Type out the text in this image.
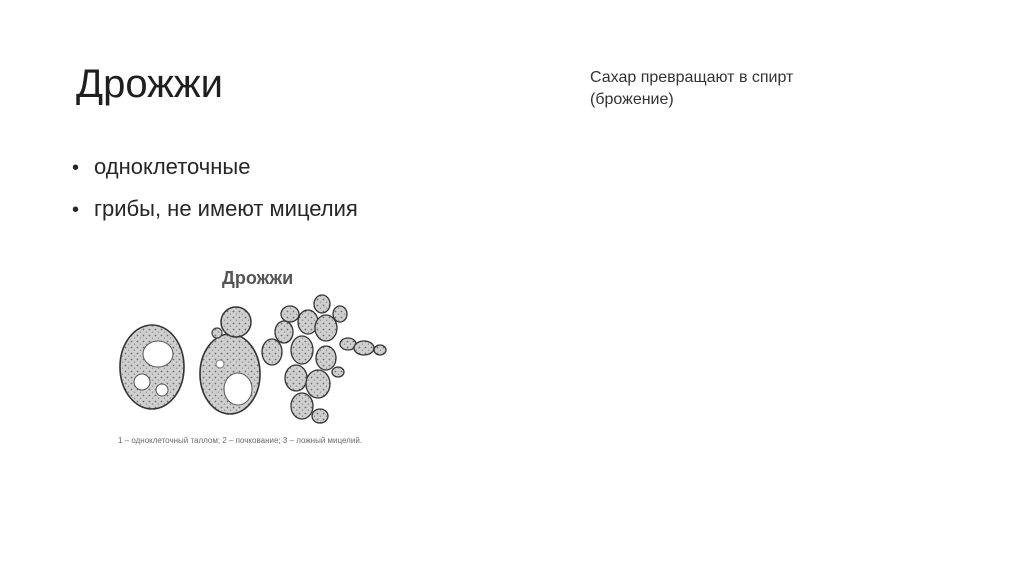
Дрожжи	Сахар превращают в спирт
(брожение)
• одноклеточные
• грибы, не имеют мицелия
Дрожжи
1 – одноклеточный таллом; 2 – почкование; 3 – ложный мицелий.
